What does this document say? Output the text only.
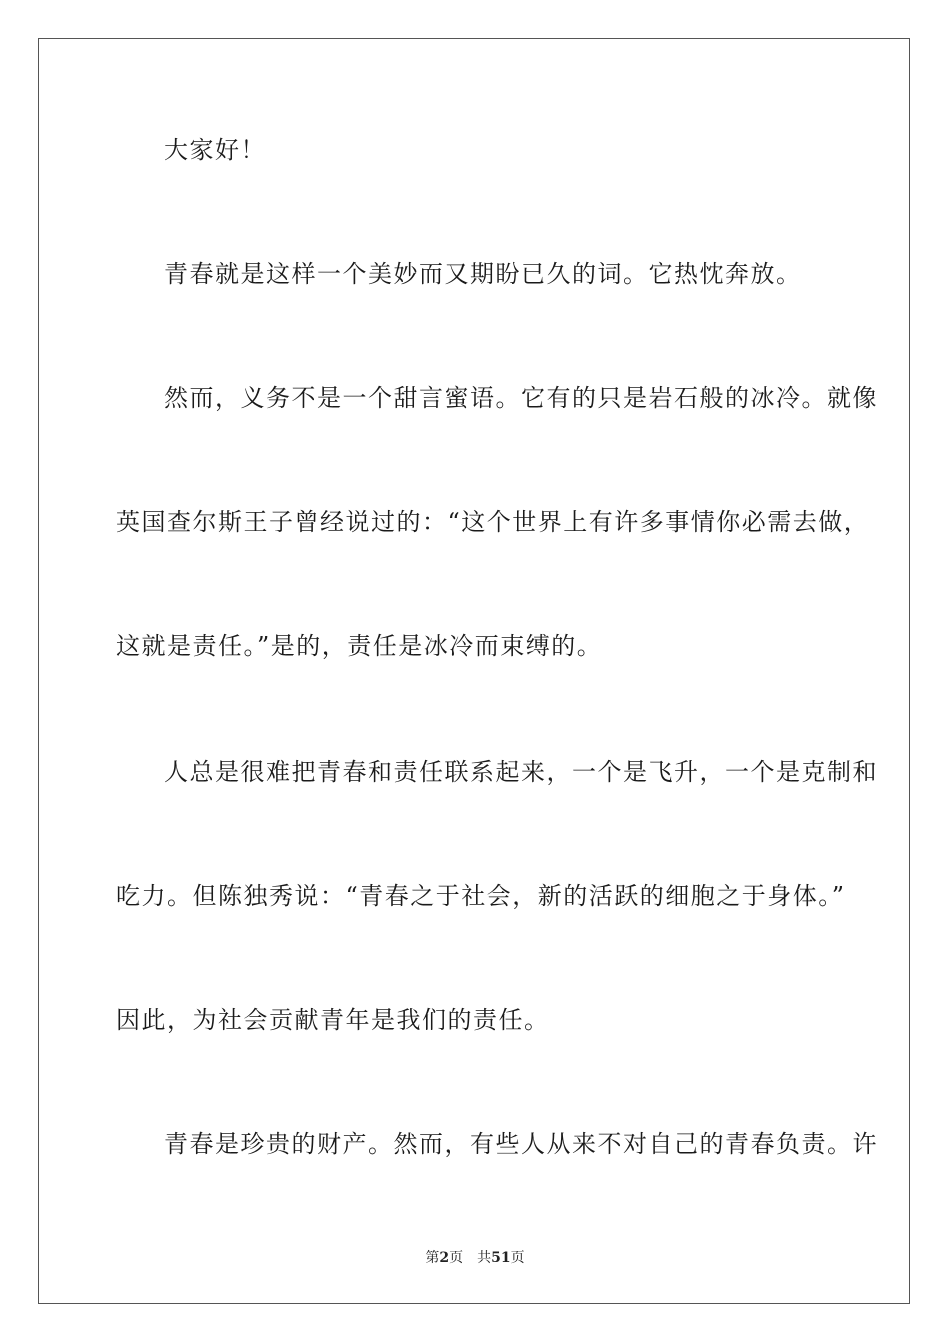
大家好！
青春就是这样一个美妙而又期盼已久的词。它热忱奔放。
然而，义务不是一个甜言蜜语。它有的只是岩石般的冰冷。就像
英国查尔斯王子曾经说过的：“这个世界上有许多事情你必需去做，
这就是责任。”是的，责任是冰冷而束缚的。
人总是很难把青春和责任联系起来，一个是飞升，一个是克制和
吃力。但陈独秀说：“青春之于社会，新的活跃的细胞之于身体。”
因此，为社会贡献青年是我们的责任。
青春是珍贵的财产。然而，有些人从来不对自己的青春负责。许
第2页 共51页
